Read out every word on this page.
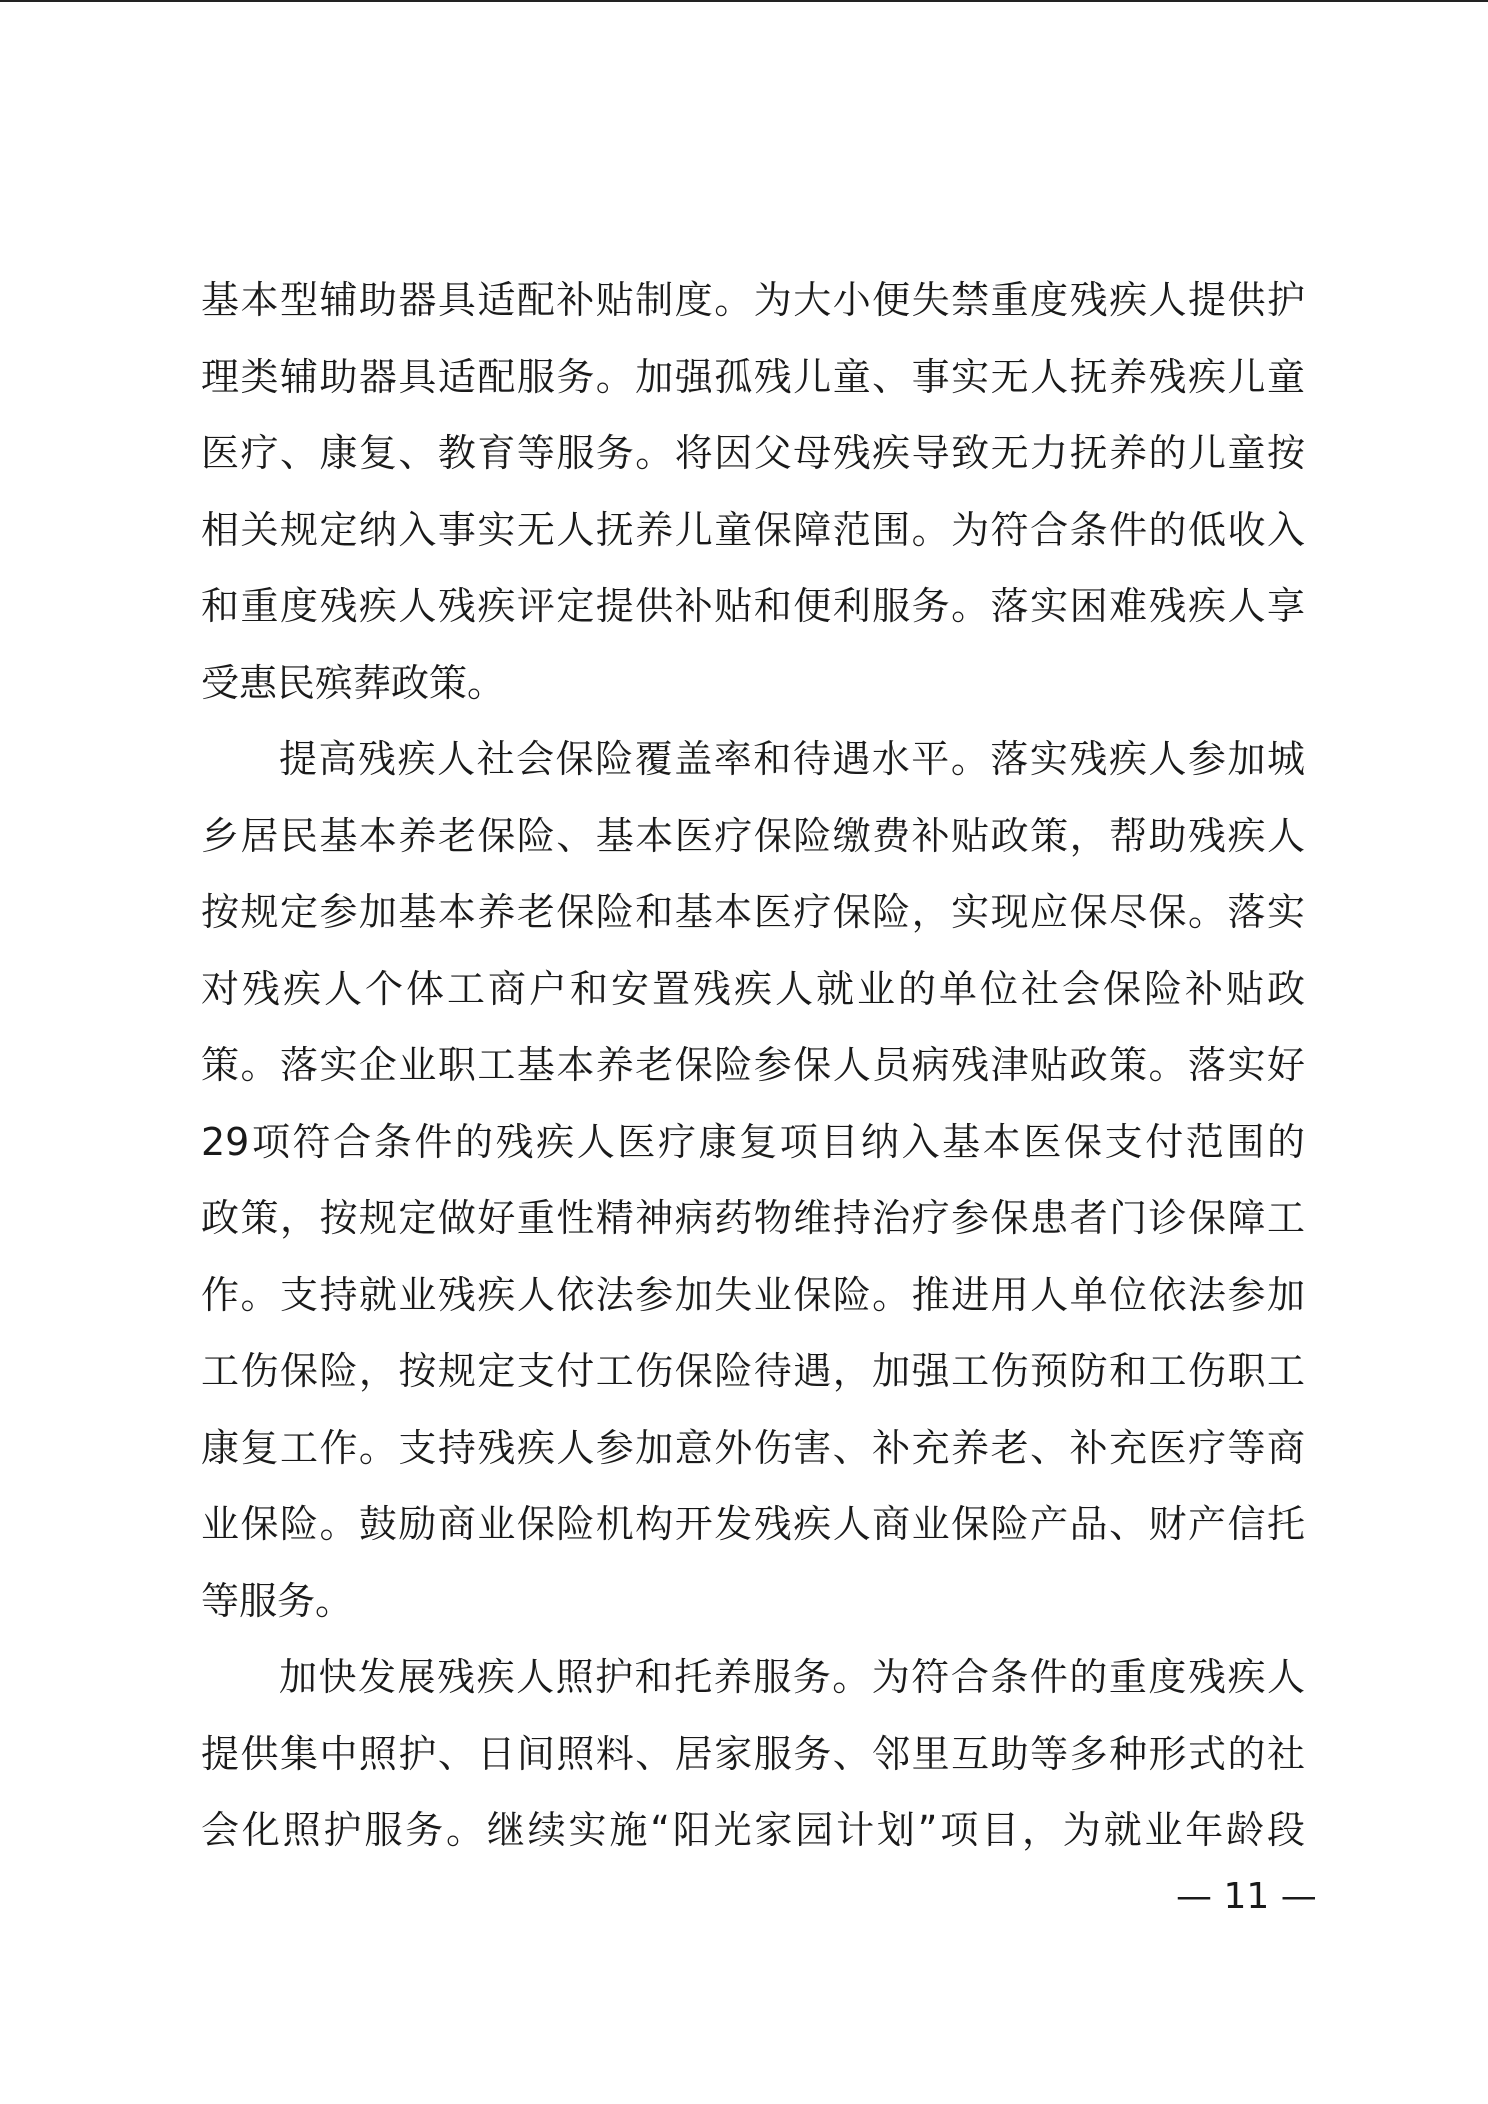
基本型辅助器具适配补贴制度。为大小便失禁重度残疾人提供护
理类辅助器具适配服务。加强孤残儿童、事实无人抚养残疾儿童
医疗、康复、教育等服务。将因父母残疾导致无力抚养的儿童按
相关规定纳入事实无人抚养儿童保障范围。为符合条件的低收入
和重度残疾人残疾评定提供补贴和便利服务。落实困难残疾人享
受惠民殡葬政策。
提高残疾人社会保险覆盖率和待遇水平。落实残疾人参加城
乡居民基本养老保险、基本医疗保险缴费补贴政策，帮助残疾人
按规定参加基本养老保险和基本医疗保险，实现应保尽保。落实
对残疾人个体工商户和安置残疾人就业的单位社会保险补贴政
策。落实企业职工基本养老保险参保人员病残津贴政策。落实好
29项符合条件的残疾人医疗康复项目纳入基本医保支付范围的
政策，按规定做好重性精神病药物维持治疗参保患者门诊保障工
作。支持就业残疾人依法参加失业保险。推进用人单位依法参加
工伤保险，按规定支付工伤保险待遇，加强工伤预防和工伤职工
康复工作。支持残疾人参加意外伤害、补充养老、补充医疗等商
业保险。鼓励商业保险机构开发残疾人商业保险产品、财产信托
等服务。
加快发展残疾人照护和托养服务。为符合条件的重度残疾人
提供集中照护、日间照料、居家服务、邻里互助等多种形式的社
会化照护服务。继续实施“阳光家园计划”项目，为就业年龄段
— 11 —
